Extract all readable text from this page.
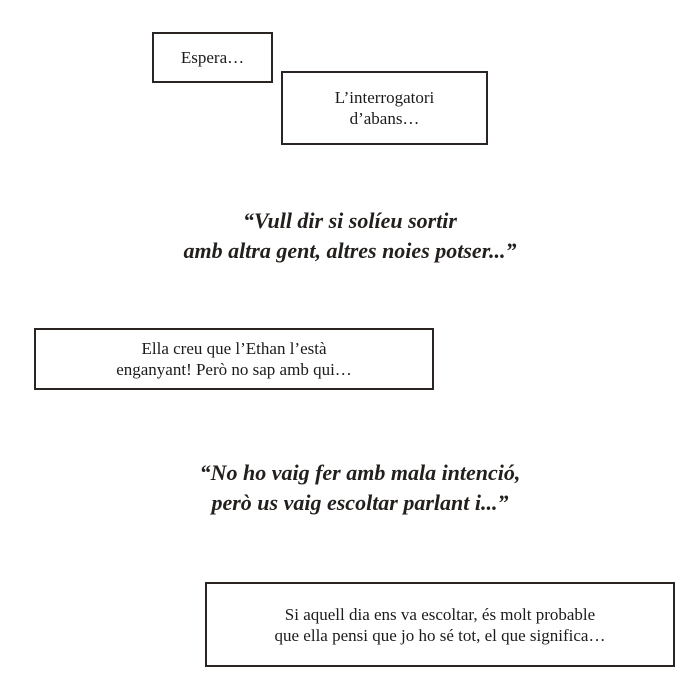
Espera…
L’interrogatori
d’abans…
“Vull dir si solíeu sortir
amb altra gent, altres noies potser...”
Ella creu que l’Ethan l’està
enganyant! Però no sap amb qui…
“No ho vaig fer amb mala intenció,
però us vaig escoltar parlant i...”
Si aquell dia ens va escoltar, és molt probable
que ella pensi que jo ho sé tot, el que significa…
